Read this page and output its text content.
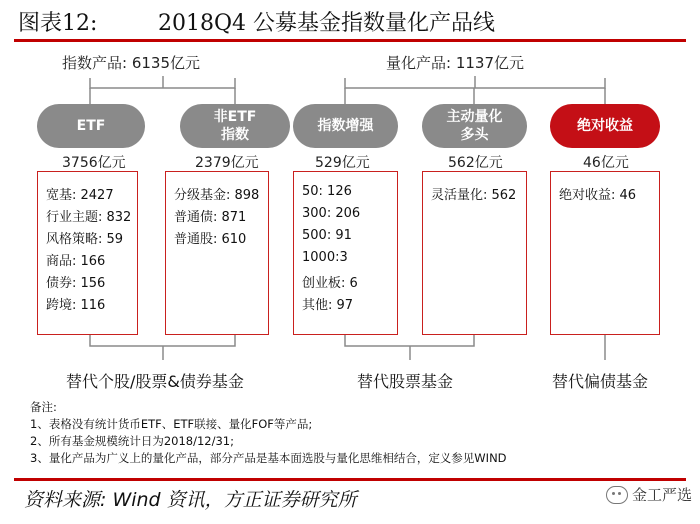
图表12:	2018Q4 公募基金指数量化产品线
指数产品: 6135亿元	量化产品: 1137亿元
ETF
非ETF
指数
指数增强
主动量化
多头
绝对收益
3756亿元	2379亿元	529亿元	562亿元	46亿元
宽基: 2427
行业主题: 832
风格策略: 59
商品: 166
债券: 156
跨境: 116
分级基金: 898
普通债: 871
普通股: 610
50: 126
300: 206
500: 91
1000:3
创业板: 6
其他: 97
灵活量化: 562	绝对收益: 46
替代个股/股票&债券基金	替代股票基金	替代偏债基金
备注:
1、表格没有统计货币ETF、ETF联接、量化FOF等产品;
2、所有基金规模统计日为2018/12/31;
3、量化产品为广义上的量化产品，部分产品是基本面选股与量化思维相结合，定义参见WIND
资料来源: Wind 资讯，方正证券研究所	金工严选
